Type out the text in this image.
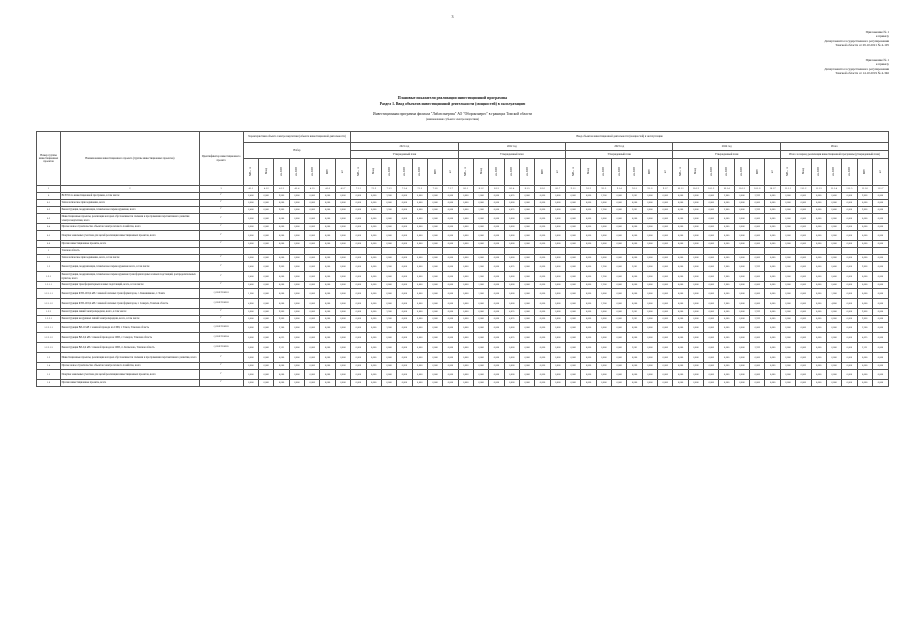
3
Приложение № 1
к приказу
Департамента государственного регулирования
Томской области от 29.10.2021 № 4-105
Приложение № 1
к приказу
Департамента государственного регулирования
Томской области от 14.10.2019 № 4-346
Плановые показатели реализации инвестиционной программы
Раздел 1. Ввод объектов инвестиционной деятельности (мощностей) в эксплуатацию
Инвестиционная программа филиала "Лабазсэнергия" АО "Оборонэнерго" в границах Томской области
(наименование субъекта электроэнергетики)
Номер группы инвестиционных проектов	Наименование инвестиционного проекта (группы инвестиционных проектов)	Идентификатор инвестиционного проекта	Характеристики объекта электроэнергетики (объекта инвестиционной деятельности)							Ввод объектов инвестиционной деятельности (мощностей) в эксплуатацию																																		
			Набор							2021 год							2022 год							2023 год							2024 год							Итого						
										Утвержденный план							Утвержденный план							Утвержденный план							Утвержденный план							Итого за период реализации инвестиционной программы (утвержденный план)						
			МВ×А	Мвар	км ЛЭП	км ЛЭП	км ЛЭП	МВт	шт	МВ×А	Мвар	км ЛЭП	км ЛЭП	км ЛЭП	МВт	шт	МВ×А	Мвар	км ЛЭП	км ЛЭП	км ЛЭП	МВт	шт	МВ×А	Мвар	км ЛЭП	км ЛЭП	км ЛЭП	МВт	шт	МВ×А	Мвар	км ЛЭП	км ЛЭП	км ЛЭП	МВт	шт	МВ×А	Мвар	км ЛЭП	км ЛЭП	км ЛЭП	МВт	шт
1	2	3	4.1.1	4.1.2	4.1.3	4.1.4	4.1.5	4.1.6	4.1.7	7.1.1	7.1.2	7.1.3	7.1.4	7.1.5	7.1.6	7.1.7	8.1.1	8.1.2	8.1.3	8.1.4	8.1.5	8.1.6	8.1.7	9.1.1	9.1.2	9.1.3	9.1.4	9.1.5	9.1.6	9.1.7	10.1.1	10.1.2	10.1.3	10.1.4	10.1.5	10.1.6	10.1.7	11.1.1	11.1.2	11.1.3	11.1.4	11.1.5	11.1.6	11.1.7
0	ВСЕГО по инвестиционной программе, в том числе:	Г	6,400	0,000	9,866	0,000	0,000	0,000	0,000	0,000	0,000	3,300	0,000	0,000	0,000	0,000	0,000	1,600	0,000	4,035	0,000	0,000	0,000	0,000	0,000	2,200	0,000	2,601	0,000	0,000	0,000	0,000	0,000	2,800	0,000	2,929	0,000	0,000	0,000	0,000	6,400	0,000	9,866	0,000
0.1	Технологическое присоединение, всего	Г	0,000	0,000	0,000	0,000	0,000	0,000	0,000	0,000	0,000	0,000	0,000	0,000	0,000	0,000	0,000	0,000	0,000	0,000	0,000	0,000	0,000	0,000	0,000	0,000	0,000	0,000	0,000	0,000	0,000	0,000	0,000	0,000	0,000	0,000	0,000	0,000	0,000	0,000	0,000	0,000	0,000	0,000
0.2	Реконструкция, модернизация, техническое перевооружение, всего	Г	6,400	0,000	9,866	0,000	0,000	0,000	0,000	0,000	0,000	3,300	0,000	0,000	0,000	0,000	0,000	1,600	0,000	4,035	0,000	0,000	0,000	0,000	0,000	2,200	0,000	2,601	0,000	0,000	0,000	0,000	0,000	2,800	0,000	2,929	0,000	0,000	0,000	0,000	6,400	0,000	9,866	0,000
0.3	Инвестиционные проекты, реализация которых обусловливается схемами и программами перспективного развития электроэнергетики, всего	Г	0,000	0,000	0,000	0,000	0,000	0,000	0,000	0,000	0,000	0,000	0,000	0,000	0,000	0,000	0,000	0,000	0,000	0,000	0,000	0,000	0,000	0,000	0,000	0,000	0,000	0,000	0,000	0,000	0,000	0,000	0,000	0,000	0,000	0,000	0,000	0,000	0,000	0,000	0,000	0,000	0,000	0,000
0.4	Прочее новое строительство объектов электросетевого хозяйства, всего	Г	0,000	0,000	0,000	0,000	0,000	0,000	0,000	0,000	0,000	0,000	0,000	0,000	0,000	0,000	0,000	0,000	0,000	0,000	0,000	0,000	0,000	0,000	0,000	0,000	0,000	0,000	0,000	0,000	0,000	0,000	0,000	0,000	0,000	0,000	0,000	0,000	0,000	0,000	0,000	0,000	0,000	0,000
0.5	Покупка земельных участков для целей реализации инвестиционных проектов, всего	Г	0,000	0,000	0,000	0,000	0,000	0,000	0,000	0,000	0,000	0,000	0,000	0,000	0,000	0,000	0,000	0,000	0,000	0,000	0,000	0,000	0,000	0,000	0,000	0,000	0,000	0,000	0,000	0,000	0,000	0,000	0,000	0,000	0,000	0,000	0,000	0,000	0,000	0,000	0,000	0,000	0,000	0,000
0.6	Прочие инвестиционные проекты, всего	Г	0,000	0,000	0,000	0,000	0,000	0,000	0,000	0,000	0,000	0,000	0,000	0,000	0,000	0,000	0,000	0,000	0,000	0,000	0,000	0,000	0,000	0,000	0,000	0,000	0,000	0,000	0,000	0,000	0,000	0,000	0,000	0,000	0,000	0,000	0,000	0,000	0,000	0,000	0,000	0,000	0,000	0,000
1	Томская область																																											
1.1	Технологическое присоединение, всего, в том числе:	Г	0,000	0,000	0,000	0,000	0,000	0,000	0,000	0,000	0,000	0,000	0,000	0,000	0,000	0,000	0,000	0,000	0,000	0,000	0,000	0,000	0,000	0,000	0,000	0,000	0,000	0,000	0,000	0,000	0,000	0,000	0,000	0,000	0,000	0,000	0,000	0,000	0,000	0,000	0,000	0,000	0,000	0,000
1.2	Реконструкция, модернизация, техническое перевооружение всего, в том числе:	Г	6,400	0,000	9,866	0,000	0,000	0,000	0,000	0,000	0,000	3,300	0,000	0,000	0,000	0,000	0,000	1,600	0,000	4,035	0,000	0,000	0,000	0,000	0,000	2,200	0,000	2,601	0,000	0,000	0,000	0,000	0,000	2,800	0,000	2,929	0,000	0,000	0,000	0,000	6,400	0,000	9,866	0,000
1.2.1	Реконструкция, модернизация, техническое перевооружение трансформаторных и иных подстанций, распределительных пунктов, всего	Г	6,400	0,000	0,000	0,000	0,000	0,000	0,000	0,000	0,000	0,000	0,000	0,000	0,000	0,000	0,000	1,600	0,000	0,000	0,000	0,000	0,000	0,000	0,000	2,200	0,000	0,000	0,000	0,000	0,000	0,000	0,000	2,800	0,000	0,000	0,000	0,000	0,000	0,000	6,400	0,000	0,000	0,000
1.2.1.1	Реконструкция трансформаторных и иных подстанций, всего, в том числе:	Г	6,400	0,000	0,000	0,000	0,000	0,000	0,000	0,000	0,000	0,000	0,000	0,000	0,000	0,000	0,000	1,600	0,000	0,000	0,000	0,000	0,000	0,000	0,000	2,200	0,000	0,000	0,000	0,000	0,000	0,000	0,000	2,800	0,000	0,000	0,000	0,000	0,000	0,000	6,400	0,000	0,000	0,000
1.2.1.1.1	Реконструкция КТП-10/0,4 кВ с заменой силовых трансформаторов, с. Кожевниково, г. Томск	J_OBE/TOM/01	1,600	0,000	0,000	0,000	0,000	0,000	0,000	0,000	0,000	0,000	0,000	0,000	0,000	0,000	0,000	1,600	0,000	0,000	0,000	0,000	0,000	0,000	0,000	0,000	0,000	0,000	0,000	0,000	0,000	0,000	0,000	0,000	0,000	0,000	0,000	0,000	0,000	0,000	1,600	0,000	0,000	0,000
1.2.1.1.2	Реконструкция КТП-10/0,4 кВ с заменой силовых трансформаторов, г. Северск, Томская область	J_OBE/TOM/02	4,800	0,000	0,000	0,000	0,000	0,000	0,000	0,000	0,000	0,000	0,000	0,000	0,000	0,000	0,000	0,000	0,000	0,000	0,000	0,000	0,000	0,000	0,000	2,200	0,000	0,000	0,000	0,000	0,000	0,000	0,000	2,800	0,000	0,000	0,000	0,000	0,000	0,000	4,800	0,000	0,000	0,000
1.2.2	Реконструкция линий электропередачи, всего, в том числе:	Г	0,000	0,000	9,866	0,000	0,000	0,000	0,000	0,000	0,000	3,300	0,000	0,000	0,000	0,000	0,000	0,000	0,000	4,035	0,000	0,000	0,000	0,000	0,000	0,000	0,000	2,601	0,000	0,000	0,000	0,000	0,000	0,000	0,000	2,929	0,000	0,000	0,000	0,000	0,000	0,000	9,866	0,000
1.2.2.1	Реконструкция воздушных линий электропередачи, всего, в том числе:	Г	0,000	0,000	9,866	0,000	0,000	0,000	0,000	0,000	0,000	3,300	0,000	0,000	0,000	0,000	0,000	0,000	0,000	4,035	0,000	0,000	0,000	0,000	0,000	0,000	0,000	2,601	0,000	0,000	0,000	0,000	0,000	0,000	0,000	2,929	0,000	0,000	0,000	0,000	0,000	0,000	9,866	0,000
1.2.2.1.1	Реконструкция ВЛ-10 кВ с заменой провода на СИП, г. Томск, Томская область	J_OBE/TOM/03	0,000	0,000	3,300	0,000	0,000	0,000	0,000	0,000	0,000	3,300	0,000	0,000	0,000	0,000	0,000	0,000	0,000	0,000	0,000	0,000	0,000	0,000	0,000	0,000	0,000	0,000	0,000	0,000	0,000	0,000	0,000	0,000	0,000	0,000	0,000	0,000	0,000	0,000	0,000	0,000	3,300	0,000
1.2.2.1.2	Реконструкция ВЛ-0,4 кВ с заменой провода на СИП, г. Северск, Томская область	J_OBE/TOM/04	0,000	0,000	4,035	0,000	0,000	0,000	0,000	0,000	0,000	0,000	0,000	0,000	0,000	0,000	0,000	0,000	0,000	4,035	0,000	0,000	0,000	0,000	0,000	0,000	0,000	0,000	0,000	0,000	0,000	0,000	0,000	0,000	0,000	0,000	0,000	0,000	0,000	0,000	0,000	0,000	4,035	0,000
1.2.2.1.3	Реконструкция ВЛ-0,4 кВ с заменой провода на СИП, п. Копылово, Томская область	J_OBE/TOM/05	0,000	0,000	2,531	0,000	0,000	0,000	0,000	0,000	0,000	0,000	0,000	0,000	0,000	0,000	0,000	0,000	0,000	0,000	0,000	0,000	0,000	0,000	0,000	0,000	0,000	2,601	0,000	0,000	0,000	0,000	0,000	0,000	0,000	2,929	0,000	0,000	0,000	0,000	0,000	0,000	2,531	0,000
1.3	Инвестиционные проекты, реализация которых обусловливается схемами и программами перспективного развития, всего	Г	0,000	0,000	0,000	0,000	0,000	0,000	0,000	0,000	0,000	0,000	0,000	0,000	0,000	0,000	0,000	0,000	0,000	0,000	0,000	0,000	0,000	0,000	0,000	0,000	0,000	0,000	0,000	0,000	0,000	0,000	0,000	0,000	0,000	0,000	0,000	0,000	0,000	0,000	0,000	0,000	0,000	0,000
1.4	Прочее новое строительство объектов электросетевого хозяйства, всего	Г	0,000	0,000	0,000	0,000	0,000	0,000	0,000	0,000	0,000	0,000	0,000	0,000	0,000	0,000	0,000	0,000	0,000	0,000	0,000	0,000	0,000	0,000	0,000	0,000	0,000	0,000	0,000	0,000	0,000	0,000	0,000	0,000	0,000	0,000	0,000	0,000	0,000	0,000	0,000	0,000	0,000	0,000
1.5	Покупка земельных участков для целей реализации инвестиционных проектов, всего	Г	0,000	0,000	0,000	0,000	0,000	0,000	0,000	0,000	0,000	0,000	0,000	0,000	0,000	0,000	0,000	0,000	0,000	0,000	0,000	0,000	0,000	0,000	0,000	0,000	0,000	0,000	0,000	0,000	0,000	0,000	0,000	0,000	0,000	0,000	0,000	0,000	0,000	0,000	0,000	0,000	0,000	0,000
1.6	Прочие инвестиционные проекты, всего	Г	0,000	0,000	0,000	0,000	0,000	0,000	0,000	0,000	0,000	0,000	0,000	0,000	0,000	0,000	0,000	0,000	0,000	0,000	0,000	0,000	0,000	0,000	0,000	0,000	0,000	0,000	0,000	0,000	0,000	0,000	0,000	0,000	0,000	0,000	0,000	0,000	0,000	0,000	0,000	0,000	0,000	0,000
